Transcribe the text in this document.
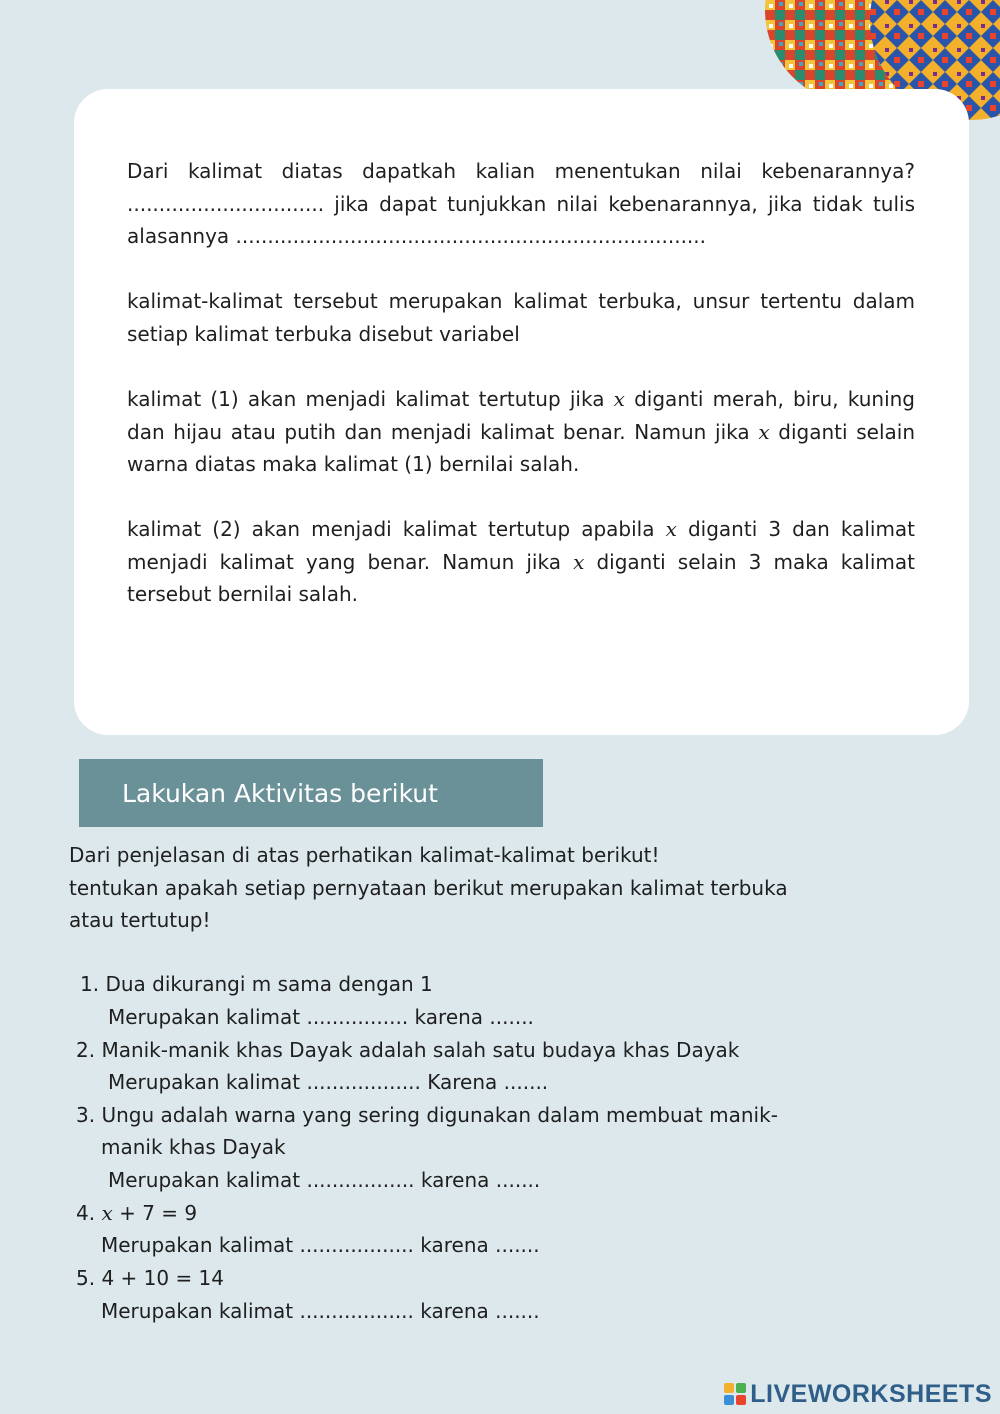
Dari kalimat diatas dapatkah kalian menentukan nilai kebenarannya? ............................... jika dapat tunjukkan nilai kebenarannya, jika tidak tulis alasannya ..........................................................................

kalimat-kalimat tersebut merupakan kalimat terbuka, unsur tertentu dalam setiap kalimat terbuka disebut variabel

kalimat (1) akan menjadi kalimat tertutup jika x diganti merah, biru, kuning dan hijau atau putih dan menjadi kalimat benar. Namun jika x diganti selain warna diatas maka kalimat (1) bernilai salah.

kalimat (2) akan menjadi kalimat tertutup apabila x diganti 3 dan kalimat menjadi kalimat yang benar. Namun jika x diganti selain 3 maka kalimat tersebut bernilai salah.

Lakukan Aktivitas berikut
Dari penjelasan di atas perhatikan kalimat-kalimat berikut!
tentukan apakah setiap pernyataan berikut merupakan kalimat terbuka
atau tertutup!
1. Dua dikurangi m sama dengan 1
Merupakan kalimat ................ karena .......
2. Manik-manik khas Dayak adalah salah satu budaya khas Dayak
Merupakan kalimat .................. Karena .......
3. Ungu adalah warna yang sering digunakan dalam membuat manik-
manik khas Dayak
Merupakan kalimat ................. karena .......
4. x + 7 = 9
Merupakan kalimat .................. karena .......
5. 4 + 10 = 14
Merupakan kalimat .................. karena .......
LIVEWORKSHEETS
